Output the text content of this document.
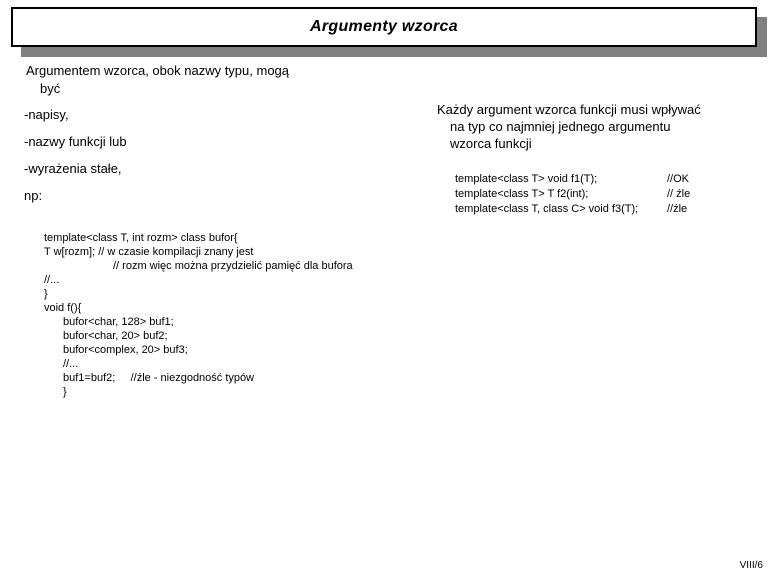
Argumenty wzorca
Argumentem wzorca, obok nazwy typu, mogą
być
-napisy,
-nazwy funkcji lub
-wyrażenia stałe,
np:
Każdy argument wzorca funkcji musi wpływać
na typ co najmniej jednego argumentu
wzorca funkcji
template<class T> void f1(T);	//OK
template<class T> T f2(int);	// źle
template<class T, class C> void f3(T);	//źle
template<class T, int rozm> class bufor{
T w[rozm]; // w czasie kompilacji znany jest
// rozm więc można przydzielić pamięć dla bufora
//...
}
void f(){
bufor<char, 128> buf1;
bufor<char, 20> buf2;
bufor<complex, 20> buf3;
//...
buf1=buf2;     //źle - niezgodność typów
}
VIII/6
